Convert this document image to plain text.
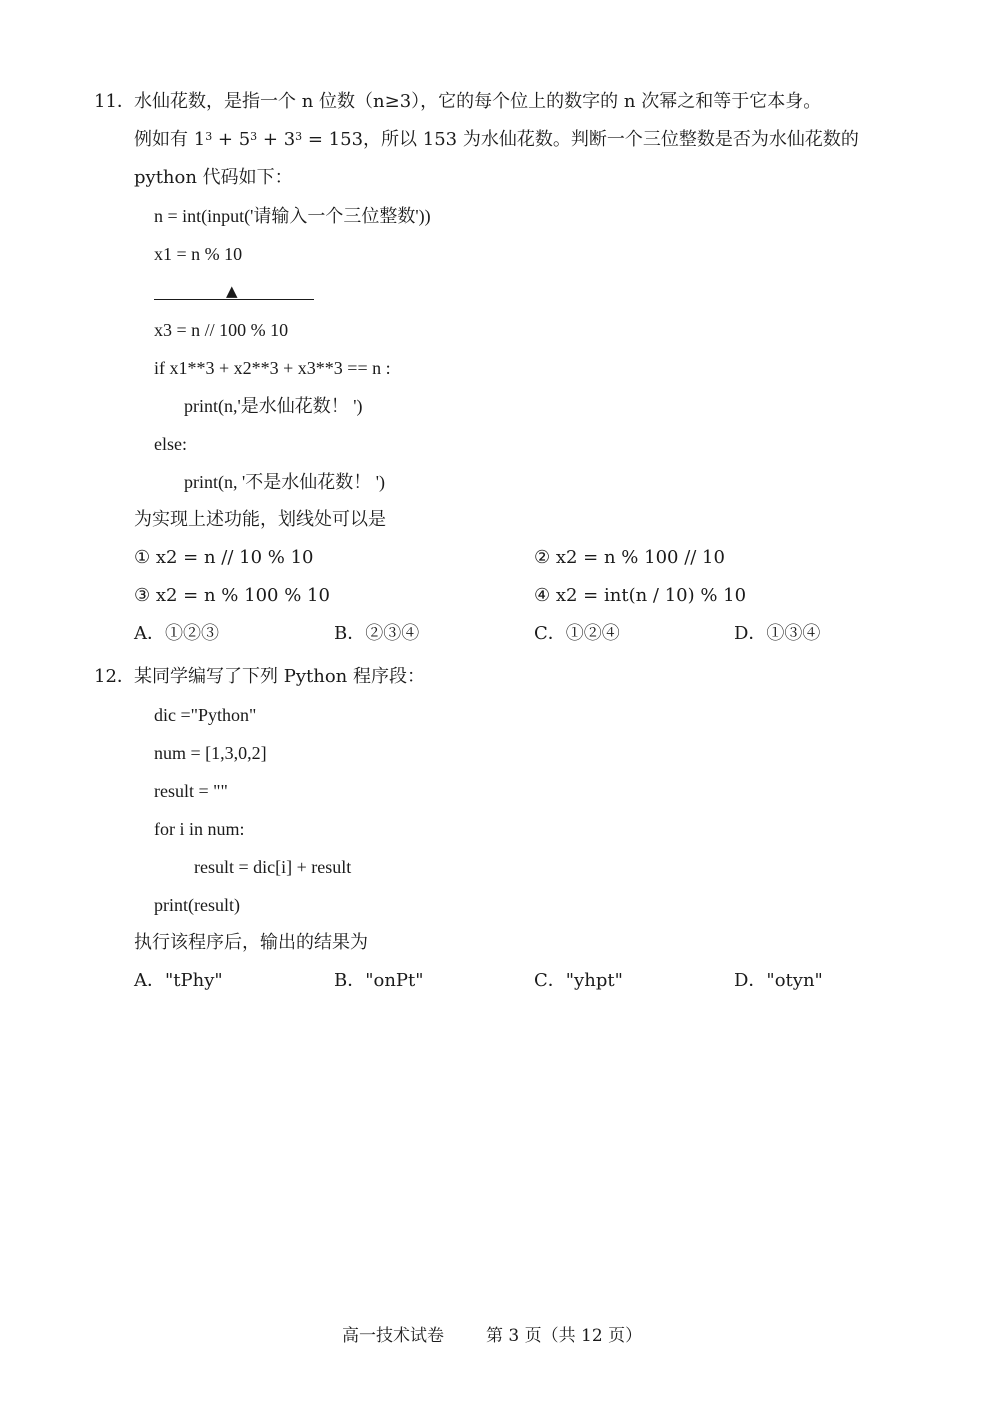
11． 水仙花数，是指一个 n 位数（n≥3），它的每个位上的数字的 n 次幂之和等于它本身。
例如有 $1^3 + 5^3 + 3^3 = 153$，所以 153 为水仙花数。判断一个三位整数是否为水仙花数的
python 代码如下：
n = int(input('请输入一个三位整数'))
x1 = n % 10
▲
x3 = n // 100 % 10
if x1**3 + x2**3 + x3**3 == n :
print(n,'是水仙花数！ ')
else:
print(n, '不是水仙花数！ ')
为实现上述功能，划线处可以是
① x2 = n // 10 % 10	② x2 = n % 100 // 10
③ x2 = n % 100 % 10	④ x2 = int(n / 10) % 10
A．①②③	B．②③④	C．①②④	D．①③④
12． 某同学编写了下列 Python 程序段：
dic ="Python"
num = [1,3,0,2]
result = ""
for i in num:
result = dic[i] + result
print(result)
执行该程序后，输出的结果为
A．"tPhy"	B．"onPt"	C．"yhpt"	D．"otyn"
高一技术试卷 第 3 页（共 12 页）
